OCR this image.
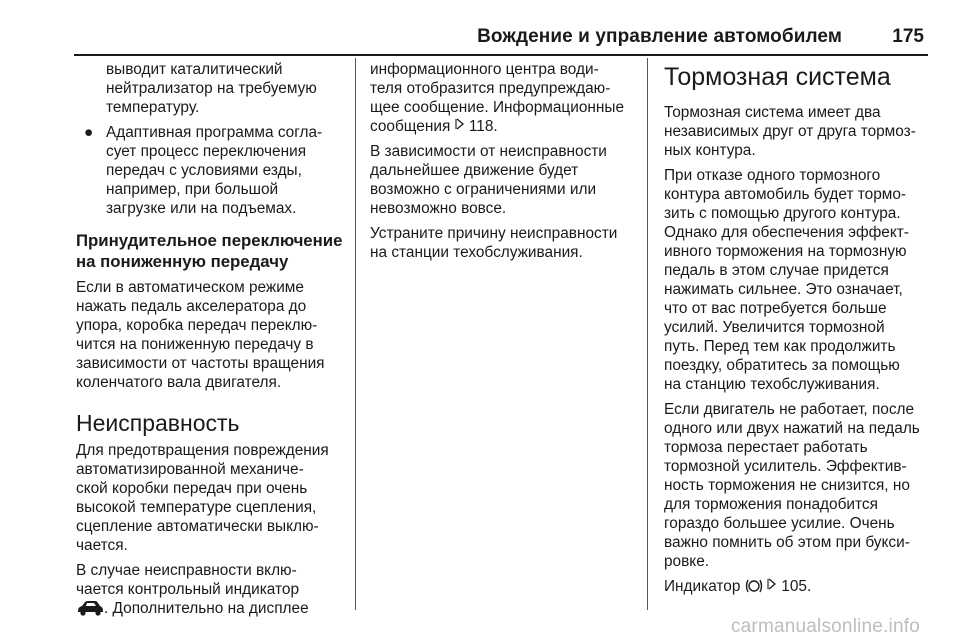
Вождение и управление автомобилем	175

выводит каталитический
нейтрализатор на требуемую
температуру.

● Адаптивная программа согла-
сует процесс переключения
передач с условиями езды,
например, при большой
загрузке или на подъемах.
Принудительное переключение
на пониженную передачу

Если в автоматическом режиме
нажать педаль акселератора до
упора, коробка передач переклю-
чится на пониженную передачу в
зависимости от частоты вращения
коленчатого вала двигателя.

Неисправность

Для предотвращения повреждения
автоматизированной механиче-
ской коробки передач при очень
высокой температуре сцепления,
сцепление автоматически выклю-
чается.

В случае неисправности вклю-
чается контрольный индикатор
. Дополнительно на дисплее

информационного центра води-
теля отобразится предупреждаю-
щее сообщение. Информационные
сообщения 118.

В зависимости от неисправности
дальнейшее движение будет
возможно с ограничениями или
невозможно вовсе.

Устраните причину неисправности
на станции техобслуживания.

Тормозная система

Тормозная система имеет два
независимых друг от друга тормоз-
ных контура.

При отказе одного тормозного
контура автомобиль будет тормо-
зить с помощью другого контура.
Однако для обеспечения эффект-
ивного торможения на тормозную
педаль в этом случае придется
нажимать сильнее. Это означает,
что от вас потребуется больше
усилий. Увеличится тормозной
путь. Перед тем как продолжить
поездку, обратитесь за помощью
на станцию техобслуживания.

Если двигатель не работает, после
одного или двух нажатий на педаль
тормоза перестает работать
тормозной усилитель. Эффектив-
ность торможения не снизится, но
для торможения понадобится
гораздо большее усилие. Очень
важно помнить об этом при букси-
ровке.

Индикатор	105.

carmanualsonline.info
